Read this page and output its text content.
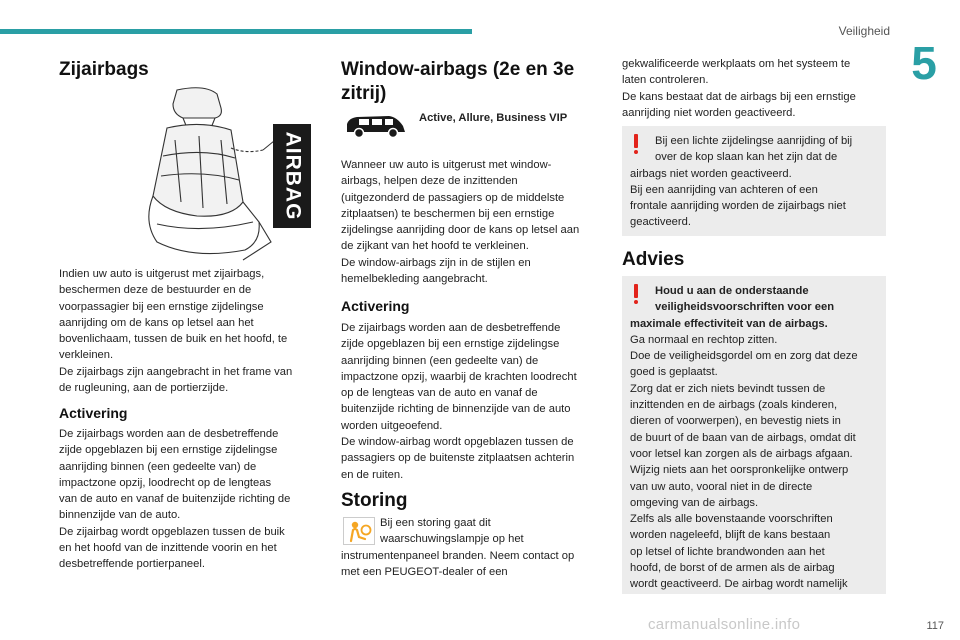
Veiligheid
5
Zijairbags
AIRBAG

Indien uw auto is uitgerust met zijairbags,
beschermen deze de bestuurder en de
voorpassagier bij een ernstige zijdelingse
aanrijding om de kans op letsel aan het
bovenlichaam, tussen de buik en het hoofd, te
verkleinen.
De zijairbags zijn aangebracht in het frame van
de rugleuning, aan de portierzijde.

Activering

De zijairbags worden aan de desbetreffende
zijde opgeblazen bij een ernstige zijdelingse
aanrijding binnen (een gedeelte van) de
impactzone opzij, loodrecht op de lengteas
van de auto en vanaf de buitenzijde richting de
binnenzijde van de auto.
De zijairbag wordt opgeblazen tussen de buik
en het hoofd van de inzittende voorin en het
desbetreffende portierpaneel.

Window-airbags (2e en 3e
zitrij)
Active, Allure, Business VIP

Wanneer uw auto is uitgerust met window-
airbags, helpen deze de inzittenden
(uitgezonderd de passagiers op de middelste
zitplaatsen) te beschermen bij een ernstige
zijdelingse aanrijding door de kans op letsel aan
de zijkant van het hoofd te verkleinen.
De window-airbags zijn in de stijlen en
hemelbekleding aangebracht.

Activering

De zijairbags worden aan de desbetreffende
zijde opgeblazen bij een ernstige zijdelingse
aanrijding binnen (een gedeelte van) de
impactzone opzij, waarbij de krachten loodrecht
op de lengteas van de auto en vanaf de
buitenzijde richting de binnenzijde van de auto
worden uitgeoefend.
De window-airbag wordt opgeblazen tussen de
passagiers op de buitenste zitplaatsen achterin
en de ruiten.

Storing

Bij een storing gaat dit
waarschuwingslampje op het
instrumentenpaneel branden. Neem contact op
met een PEUGEOT-dealer of een

gekwalificeerde werkplaats om het systeem te
laten controleren.
De kans bestaat dat de airbags bij een ernstige
aanrijding niet worden geactiveerd.

Bij een lichte zijdelingse aanrijding of bij
over de kop slaan kan het zijn dat de
airbags niet worden geactiveerd.
Bij een aanrijding van achteren of een
frontale aanrijding worden de zijairbags niet
geactiveerd.

Advies

Houd u aan de onderstaande
veiligheidsvoorschriften voor een
maximale effectiviteit van de airbags.

Ga normaal en rechtop zitten.
Doe de veiligheidsgordel om en zorg dat deze
goed is geplaatst.
Zorg dat er zich niets bevindt tussen de
inzittenden en de airbags (zoals kinderen,
dieren of voorwerpen), en bevestig niets in
de buurt of de baan van de airbags, omdat dit
voor letsel kan zorgen als de airbags afgaan.
Wijzig niets aan het oorspronkelijke ontwerp
van uw auto, vooral niet in de directe
omgeving van de airbags.
Zelfs als alle bovenstaande voorschriften
worden nageleefd, blijft de kans bestaan
op letsel of lichte brandwonden aan het
hoofd, de borst of de armen als de airbag
wordt geactiveerd. De airbag wordt namelijk

carmanualsonline.info	117
